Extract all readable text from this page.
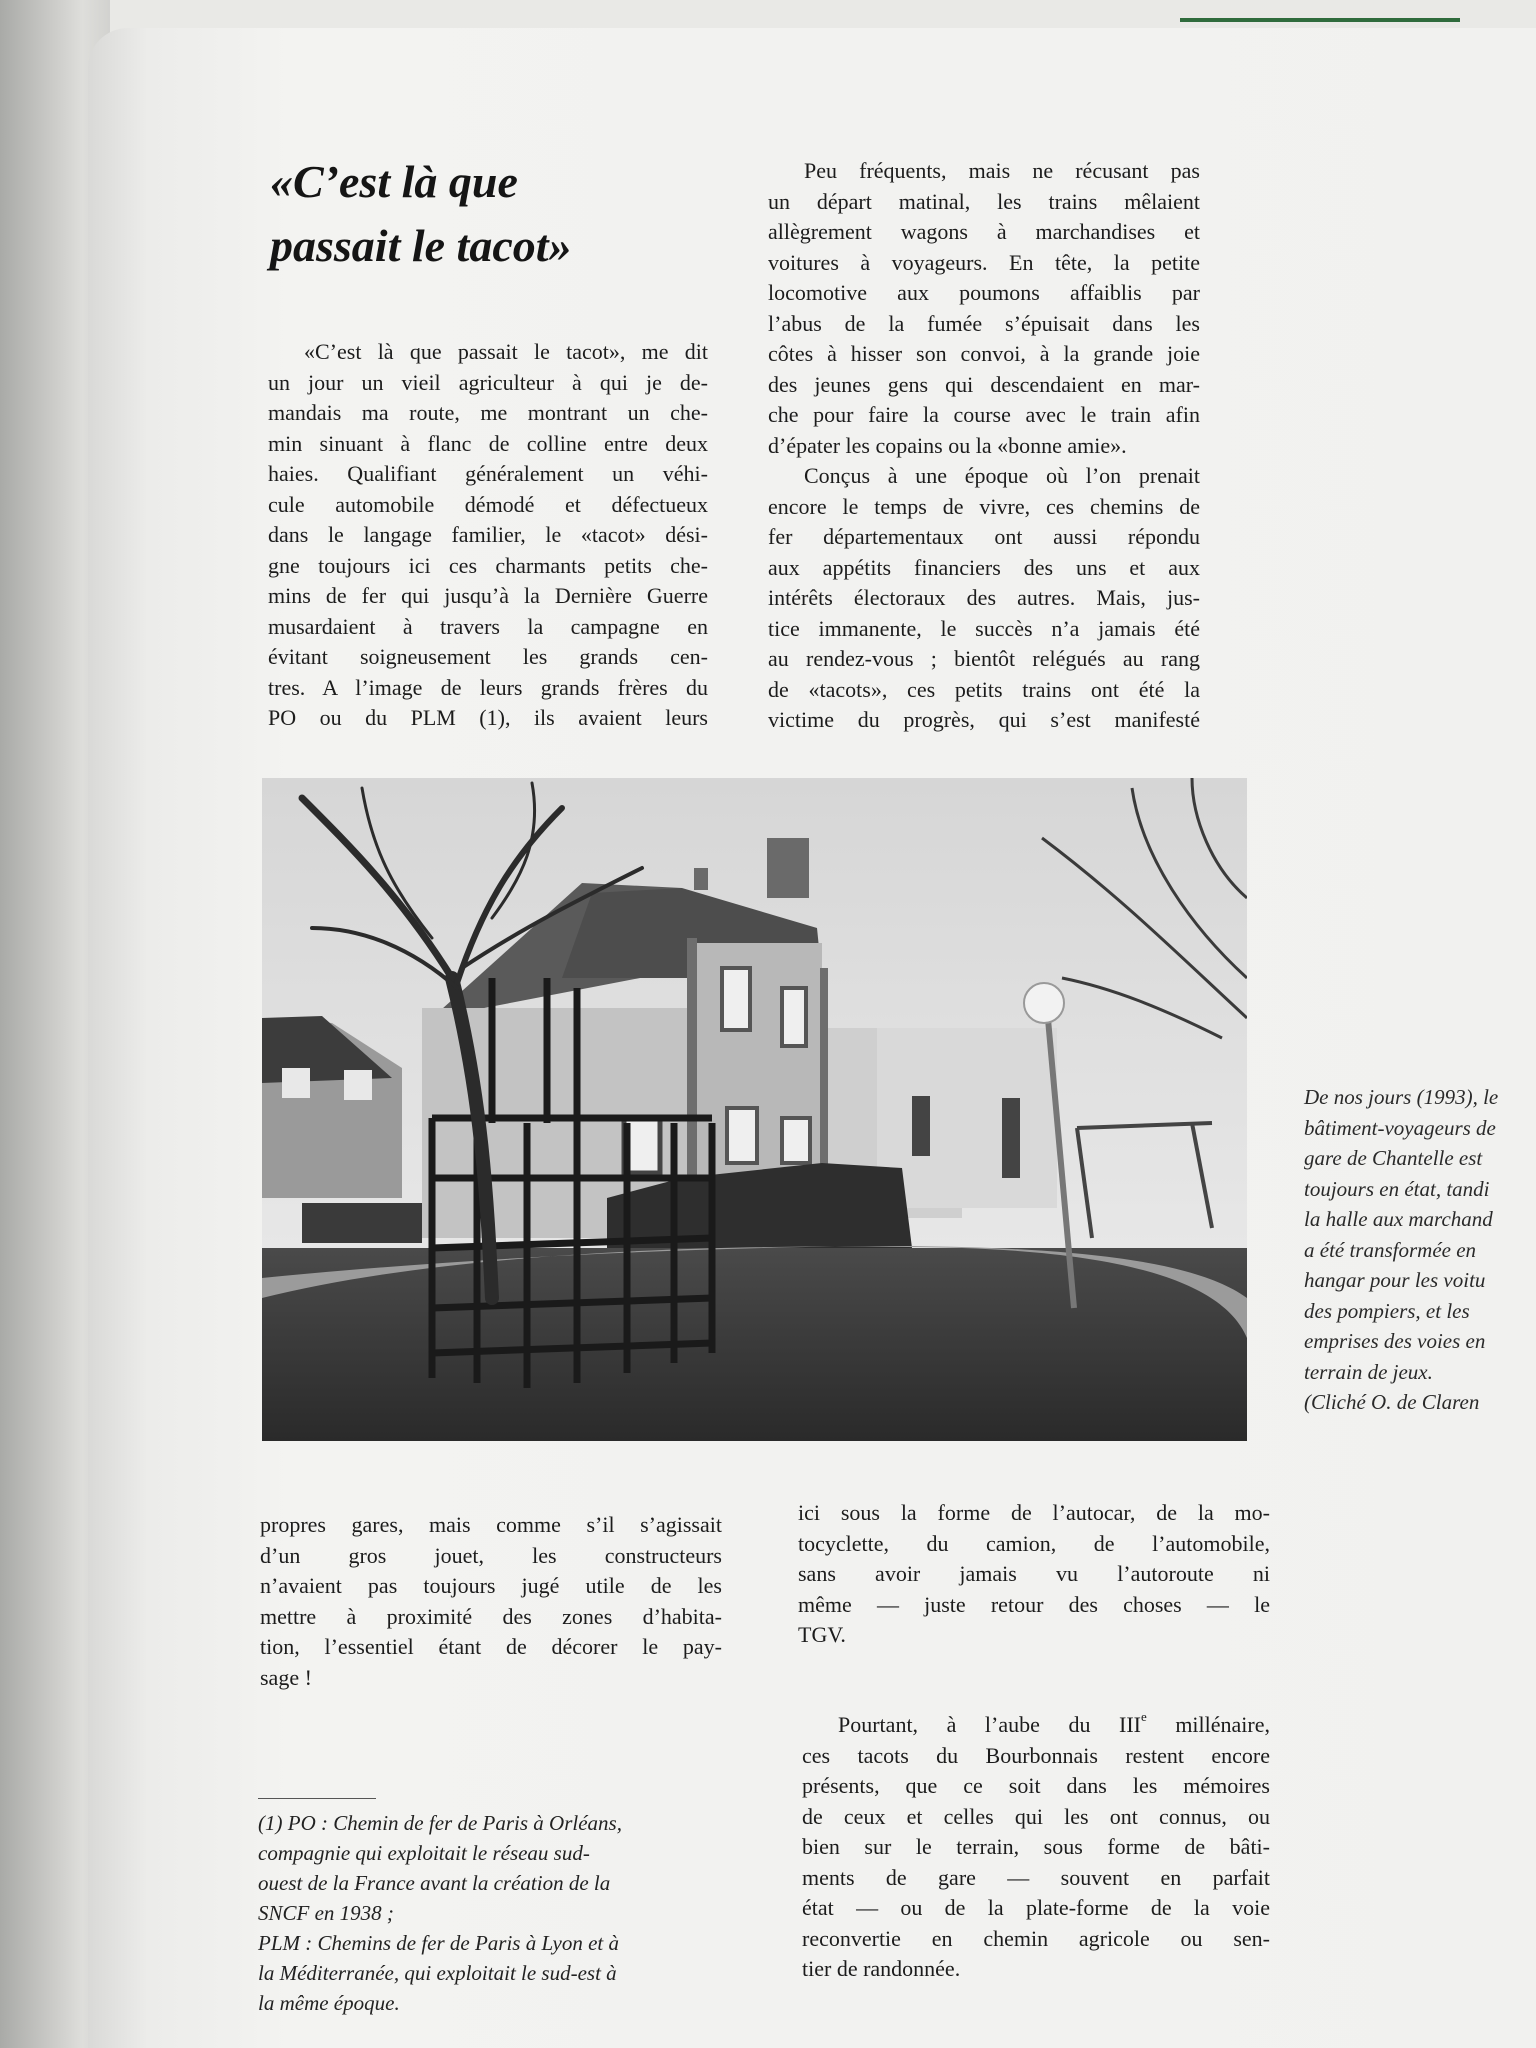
«C’est là que
passait le tacot»
«C’est là que passait le tacot», me dit
un jour un vieil agriculteur à qui je de-
mandais ma route, me montrant un che-
min sinuant à flanc de colline entre deux
haies. Qualifiant généralement un véhi-
cule automobile démodé et défectueux
dans le langage familier, le «tacot» dési-
gne toujours ici ces charmants petits che-
mins de fer qui jusqu’à la Dernière Guerre
musardaient à travers la campagne en
évitant soigneusement les grands cen-
tres. A l’image de leurs grands frères du
PO ou du PLM (1), ils avaient leurs
Peu fréquents, mais ne récusant pas
un départ matinal, les trains mêlaient
allègrement wagons à marchandises et
voitures à voyageurs. En tête, la petite
locomotive aux poumons affaiblis par
l’abus de la fumée s’épuisait dans les
côtes à hisser son convoi, à la grande joie
des jeunes gens qui descendaient en mar-
che pour faire la course avec le train afin
d’épater les copains ou la «bonne amie».
Conçus à une époque où l’on prenait
encore le temps de vivre, ces chemins de
fer départementaux ont aussi répondu
aux appétits financiers des uns et aux
intérêts électoraux des autres. Mais, jus-
tice immanente, le succès n’a jamais été
au rendez-vous ; bientôt relégués au rang
de «tacots», ces petits trains ont été la
victime du progrès, qui s’est manifesté
De nos jours (1993), le
bâtiment-voyageurs de
gare de Chantelle est
toujours en état, tandi
la halle aux marchand
a été transformée en
hangar pour les voitu
des pompiers, et les
emprises des voies en
terrain de jeux.
(Cliché O. de Claren
propres gares, mais comme s’il s’agissait
d’un gros jouet, les constructeurs
n’avaient pas toujours jugé utile de les
mettre à proximité des zones d’habita-
tion, l’essentiel étant de décorer le pay-
sage !
ici sous la forme de l’autocar, de la mo-
tocyclette, du camion, de l’automobile,
sans avoir jamais vu l’autoroute ni
même — juste retour des choses — le
TGV.
Pourtant, à l’aube du IIIe millénaire,
ces tacots du Bourbonnais restent encore
présents, que ce soit dans les mémoires
de ceux et celles qui les ont connus, ou
bien sur le terrain, sous forme de bâti-
ments de gare — souvent en parfait
état — ou de la plate-forme de la voie
reconvertie en chemin agricole ou sen-
tier de randonnée.
(1) PO : Chemin de fer de Paris à Orléans,
compagnie qui exploitait le réseau sud-
ouest de la France avant la création de la
SNCF en 1938 ;
PLM : Chemins de fer de Paris à Lyon et à
la Méditerranée, qui exploitait le sud-est à
la même époque.
